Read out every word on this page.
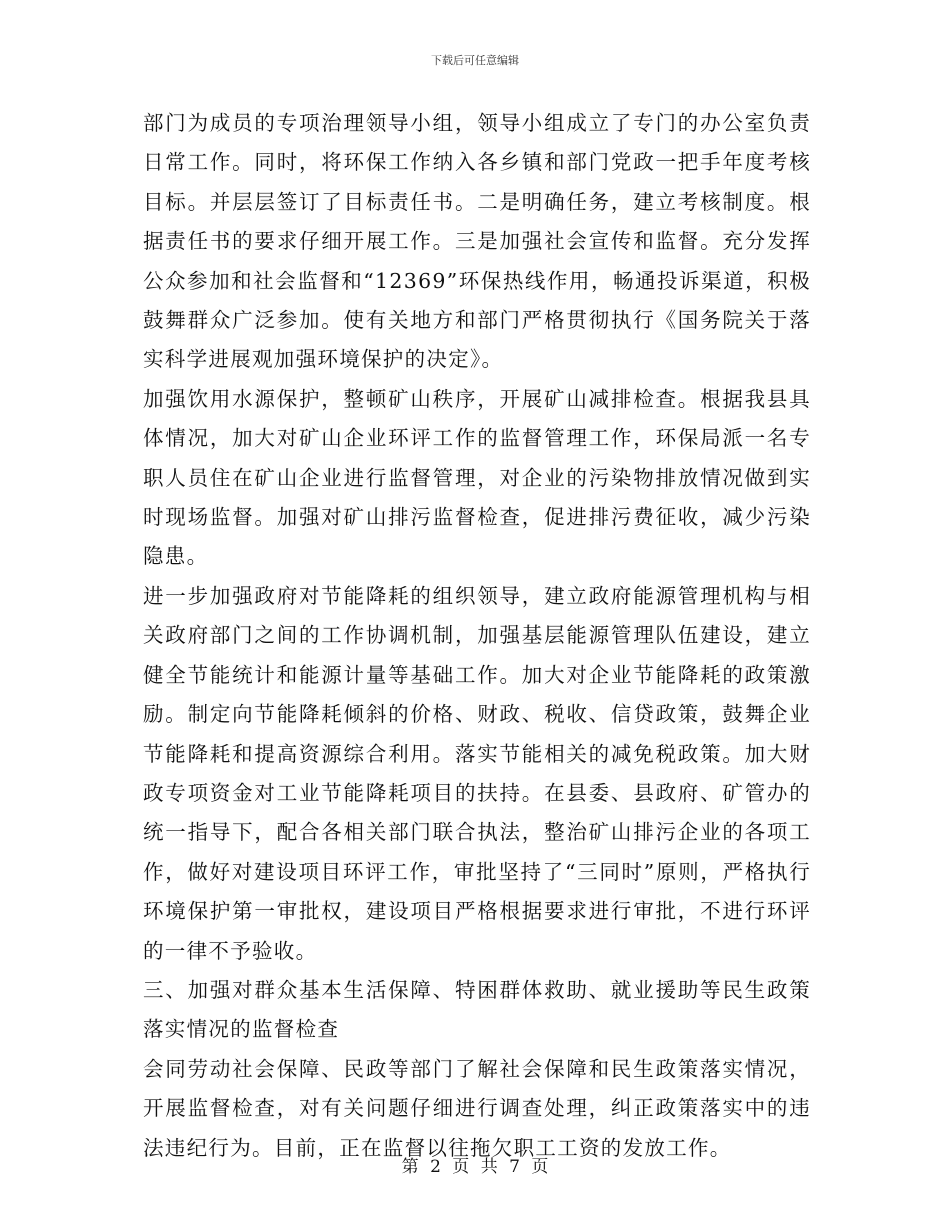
下载后可任意编辑

部门为成员的专项治理领导小组，领导小组成立了专门的办公室负责日常工作。同时，将环保工作纳入各乡镇和部门党政一把手年度考核目标。并层层签订了目标责任书。二是明确任务，建立考核制度。根据责任书的要求仔细开展工作。三是加强社会宣传和监督。充分发挥公众参加和社会监督和“12369”环保热线作用，畅通投诉渠道，积极鼓舞群众广泛参加。使有关地方和部门严格贯彻执行《国务院关于落实科学进展观加强环境保护的决定》。

加强饮用水源保护，整顿矿山秩序，开展矿山减排检查。根据我县具体情况，加大对矿山企业环评工作的监督管理工作，环保局派一名专职人员住在矿山企业进行监督管理，对企业的污染物排放情况做到实时现场监督。加强对矿山排污监督检查，促进排污费征收，减少污染隐患。

进一步加强政府对节能降耗的组织领导，建立政府能源管理机构与相关政府部门之间的工作协调机制，加强基层能源管理队伍建设，建立健全节能统计和能源计量等基础工作。加大对企业节能降耗的政策激励。制定向节能降耗倾斜的价格、财政、税收、信贷政策，鼓舞企业节能降耗和提高资源综合利用。落实节能相关的减免税政策。加大财政专项资金对工业节能降耗项目的扶持。在县委、县政府、矿管办的统一指导下，配合各相关部门联合执法，整治矿山排污企业的各项工作，做好对建设项目环评工作，审批坚持了“三同时”原则，严格执行环境保护第一审批权，建设项目严格根据要求进行审批，不进行环评的一律不予验收。

三、加强对群众基本生活保障、特困群体救助、就业援助等民生政策落实情况的监督检查

会同劳动社会保障、民政等部门了解社会保障和民生政策落实情况，开展监督检查，对有关问题仔细进行调查处理，纠正政策落实中的违法违纪行为。目前，正在监督以往拖欠职工工资的发放工作。

第 2 页 共 7 页
